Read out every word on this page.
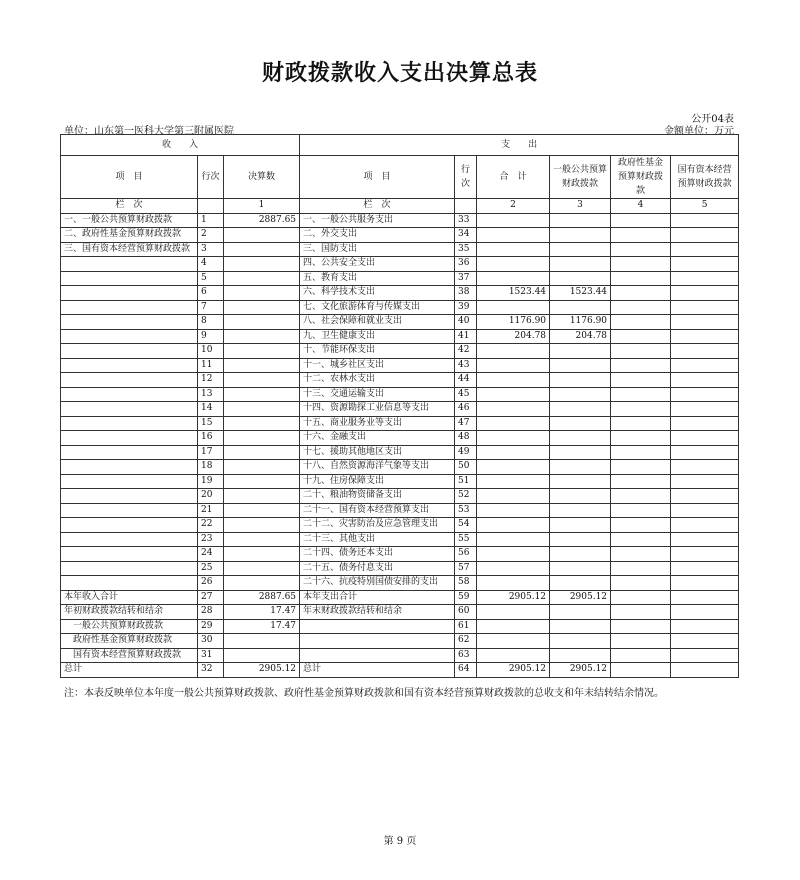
财政拨款收入支出决算总表
公开04表
单位：山东第一医科大学第三附属医院	金额单位：万元
收　　入			支　　出					
项　目	行次	决算数	项　目	行次	合　计	一般公共预算财政拨款	政府性基金预算财政拨款	国有资本经营预算财政拨款
栏　次		1	栏　次		2	3	4	5
一、一般公共预算财政拨款	1	2887.65	一、一般公共服务支出	33				
二、政府性基金预算财政拨款	2		二、外交支出	34				
三、国有资本经营预算财政拨款	3		三、国防支出	35				
	4		四、公共安全支出	36				
	5		五、教育支出	37				
	6		六、科学技术支出	38	1523.44	1523.44		
	7		七、文化旅游体育与传媒支出	39				
	8		八、社会保障和就业支出	40	1176.90	1176.90		
	9		九、卫生健康支出	41	204.78	204.78		
	10		十、节能环保支出	42				
	11		十一、城乡社区支出	43				
	12		十二、农林水支出	44				
	13		十三、交通运输支出	45				
	14		十四、资源勘探工业信息等支出	46				
	15		十五、商业服务业等支出	47				
	16		十六、金融支出	48				
	17		十七、援助其他地区支出	49				
	18		十八、自然资源海洋气象等支出	50				
	19		十九、住房保障支出	51				
	20		二十、粮油物资储备支出	52				
	21		二十一、国有资本经营预算支出	53				
	22		二十二、灾害防治及应急管理支出	54				
	23		二十三、其他支出	55				
	24		二十四、债务还本支出	56				
	25		二十五、债务付息支出	57				
	26		二十六、抗疫特别国债安排的支出	58				
本年收入合计	27	2887.65	本年支出合计	59	2905.12	2905.12		
年初财政拨款结转和结余	28	17.47	年末财政拨款结转和结余	60				
一般公共预算财政拨款	29	17.47		61				
政府性基金预算财政拨款	30			62				
国有资本经营预算财政拨款	31			63				
总计	32	2905.12	总计	64	2905.12	2905.12		
注：本表反映单位本年度一般公共预算财政拨款、政府性基金预算财政拨款和国有资本经营预算财政拨款的总收支和年末结转结余情况。
第 9 页
